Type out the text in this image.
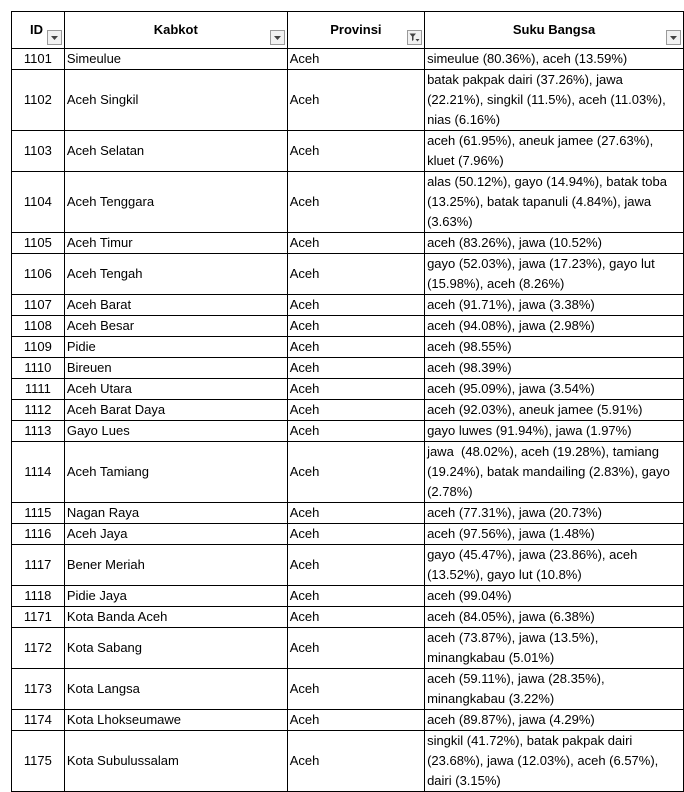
ID	Kabkot	Provinsi	Suku Bangsa

1101	Simeulue	Aceh	simeulue (80.36%), aceh (13.59%)

1102	Aceh Singkil	Aceh	batak pakpak dairi (37.26%), jawa
(22.21%), singkil (11.5%), aceh (11.03%),
nias (6.16%)

1103	Aceh Selatan	Aceh	aceh (61.95%), aneuk jamee (27.63%),
kluet (7.96%)

1104	Aceh Tenggara	Aceh	alas (50.12%), gayo (14.94%), batak toba
(13.25%), batak tapanuli (4.84%), jawa
(3.63%)

1105	Aceh Timur	Aceh	aceh (83.26%), jawa (10.52%)

1106	Aceh Tengah	Aceh	gayo (52.03%), jawa (17.23%), gayo lut
(15.98%), aceh (8.26%)

1107	Aceh Barat	Aceh	aceh (91.71%), jawa (3.38%)

1108	Aceh Besar	Aceh	aceh (94.08%), jawa (2.98%)

1109	Pidie	Aceh	aceh (98.55%)

1110	Bireuen	Aceh	aceh (98.39%)

1111	Aceh Utara	Aceh	aceh (95.09%), jawa (3.54%)

1112	Aceh Barat Daya	Aceh	aceh (92.03%), aneuk jamee (5.91%)

1113	Gayo Lues	Aceh	gayo luwes (91.94%), jawa (1.97%)

1114	Aceh Tamiang	Aceh	jawa  (48.02%), aceh (19.28%), tamiang
(19.24%), batak mandailing (2.83%), gayo
(2.78%)

1115	Nagan Raya	Aceh	aceh (77.31%), jawa (20.73%)

1116	Aceh Jaya	Aceh	aceh (97.56%), jawa (1.48%)

1117	Bener Meriah	Aceh	gayo (45.47%), jawa (23.86%), aceh
(13.52%), gayo lut (10.8%)

1118	Pidie Jaya	Aceh	aceh (99.04%)

1171	Kota Banda Aceh	Aceh	aceh (84.05%), jawa (6.38%)

1172	Kota Sabang	Aceh	aceh (73.87%), jawa (13.5%),
minangkabau (5.01%)

1173	Kota Langsa	Aceh	aceh (59.11%), jawa (28.35%),
minangkabau (3.22%)

1174	Kota Lhokseumawe	Aceh	aceh (89.87%), jawa (4.29%)

1175	Kota Subulussalam	Aceh	singkil (41.72%), batak pakpak dairi
(23.68%), jawa (12.03%), aceh (6.57%),
dairi (3.15%)
